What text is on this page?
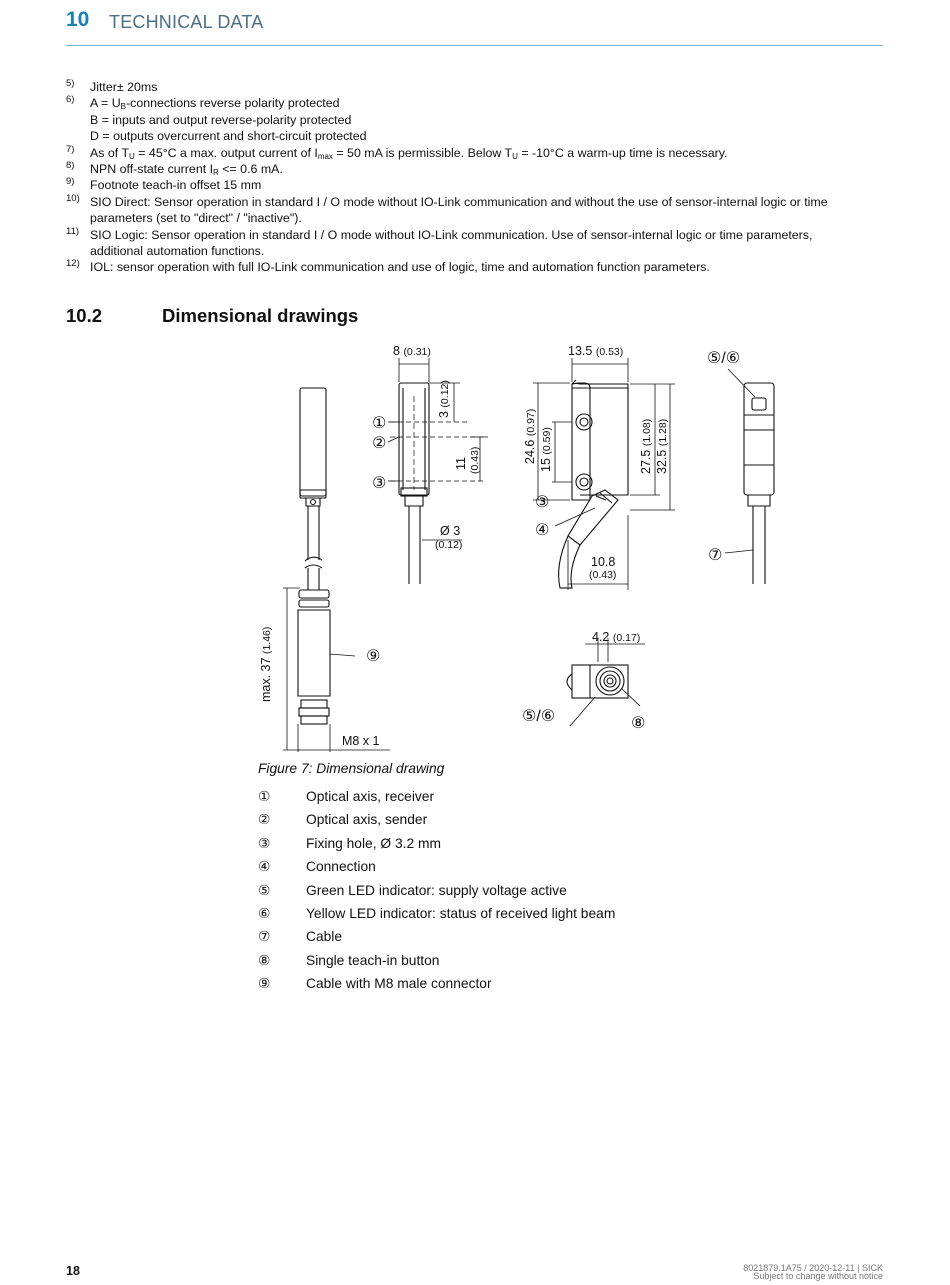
10 TECHNICAL DATA
5) Jitter± 20ms
6) $A = U_B$-connections reverse polarity protected
B = inputs and output reverse-polarity protected
D = outputs overcurrent and short-circuit protected
7) As of $T_U = 45^\circ C$ a max. output current of $I_{max} = 50$ mA is permissible. Below $T_U = -10^\circ C$ a warm-up time is necessary.
8) NPN off-state current $I_R <= 0.6$ mA.
9) Footnote teach-in offset 15 mm
10) SIO Direct: Sensor operation in standard I / O mode without IO-Link communication and without the use of sensor-internal logic or time
parameters (set to "direct" / "inactive").
11) SIO Logic: Sensor operation in standard I / O mode without IO-Link communication. Use of sensor-internal logic or time parameters,
additional automation functions.
12) IOL: sensor operation with full IO-Link communication and use of logic, time and automation function parameters.
10.2	Dimensional drawings
8 (0.31)
3 (0.12)
11 (0.43)
Ø 3
(0.12)
13.5 (0.53)
24.6 (0.97)
15 (0.59)
27.5 (1.08)
32.5 (1.28)
10.8
(0.43)
4.2 (0.17)
max. 37 (1.46)
M8 x 1
①
②
③
③
④
⑤/⑥
⑦
⑨
⑤/⑥	⑧
Figure 7: Dimensional drawing
①	Optical axis, receiver
②	Optical axis, sender
③	Fixing hole, Ø 3.2 mm
④	Connection
⑤	Green LED indicator: supply voltage active
⑥	Yellow LED indicator: status of received light beam
⑦	Cable
⑧	Single teach-in button
⑨	Cable with M8 male connector
18	8021879.1A75 / 2020-12-11 | SICK
Subject to change without notice
